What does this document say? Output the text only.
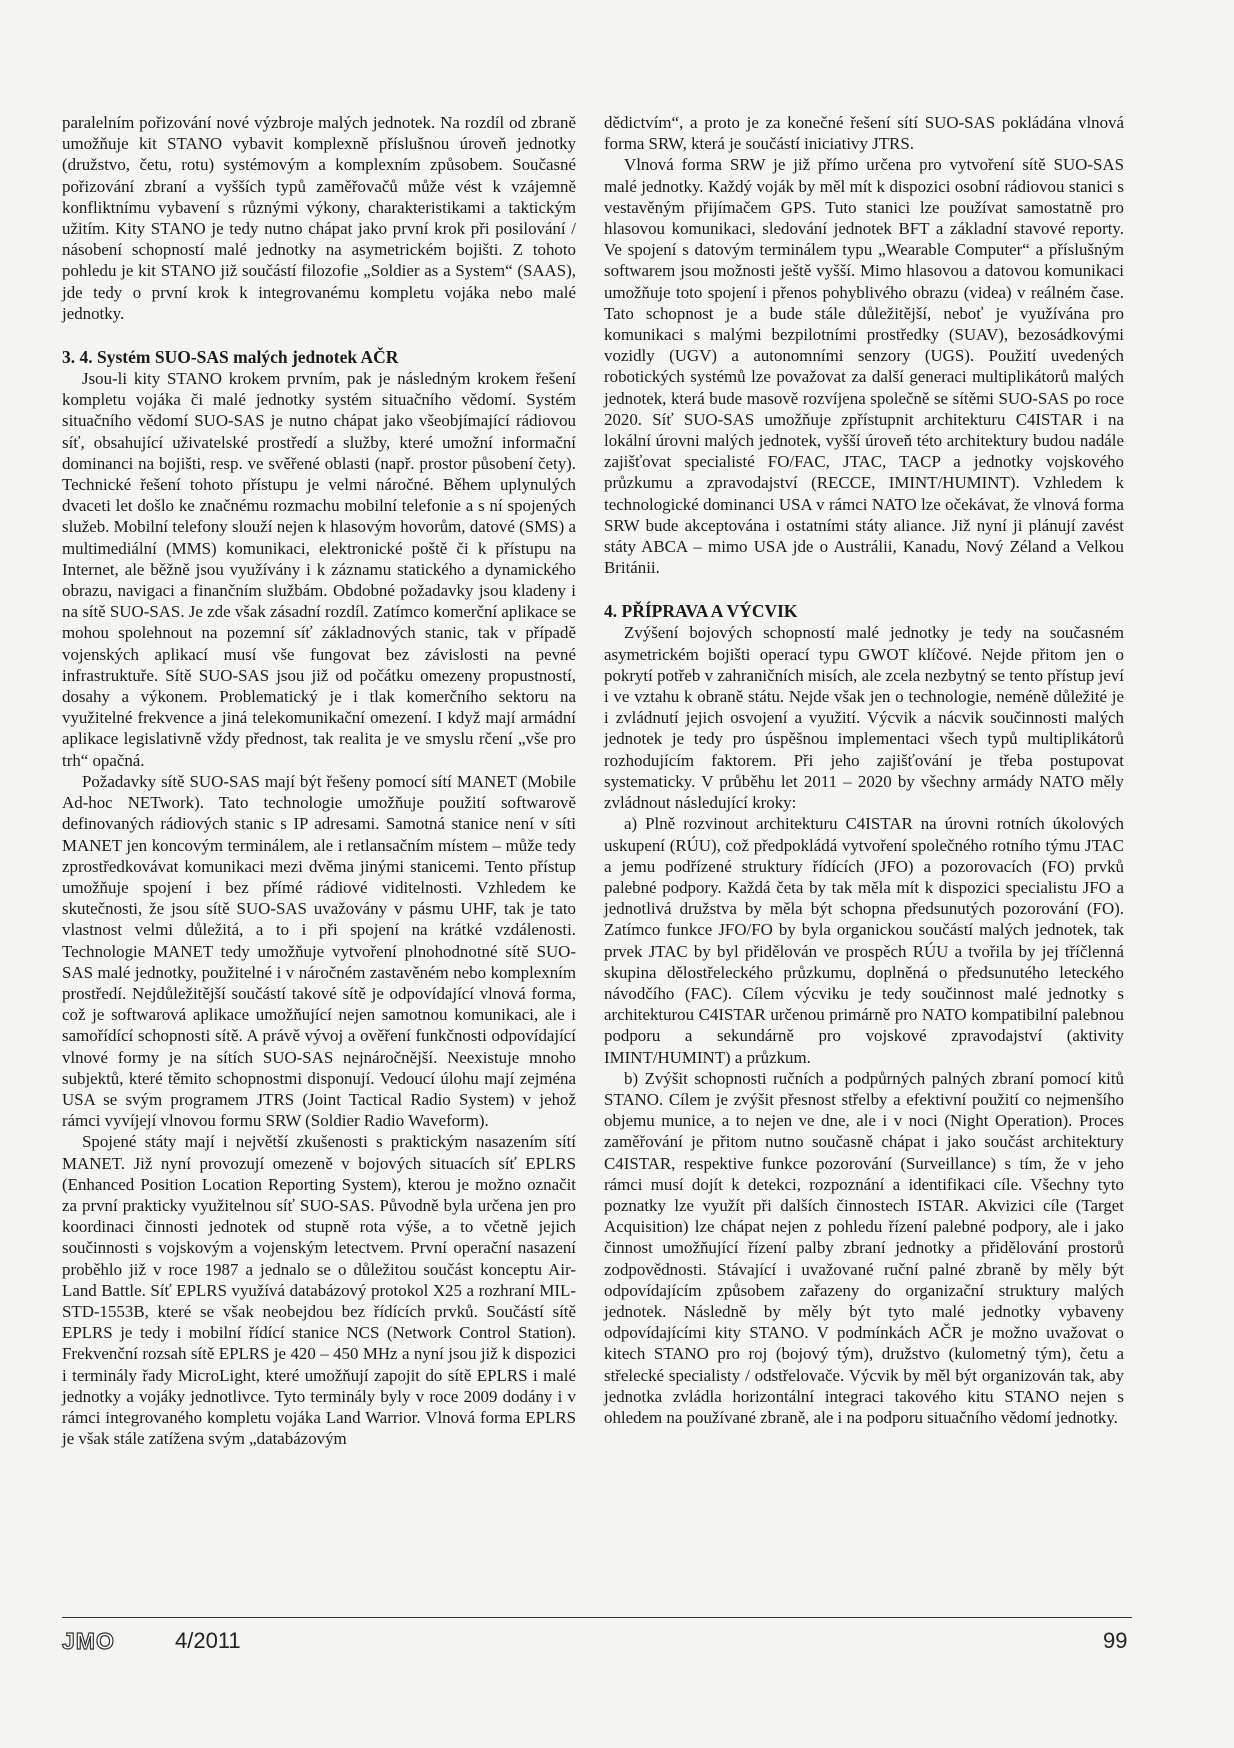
paralelním pořizování nové výzbroje malých jednotek. Na rozdíl od zbraně umožňuje kit STANO vybavit komplexně příslušnou úroveň jednotky (družstvo, četu, rotu) systémovým a komplexním způsobem. Současné pořizování zbraní a vyšších typů zaměřovačů může vést k vzájemně konfliktnímu vybavení s různými výkony, charakteristikami a taktickým užitím. Kity STANO je tedy nutno chápat jako první krok při posilování / násobení schopností malé jednotky na asymetrickém bojišti. Z tohoto pohledu je kit STANO již součástí filozofie „Soldier as a System“ (SAAS), jde tedy o první krok k integrovanému kompletu vojáka nebo malé jednotky.

3. 4. Systém SUO-SAS malých jednotek AČR

Jsou-li kity STANO krokem prvním, pak je následným krokem řešení kompletu vojáka či malé jednotky systém situačního vědomí. Systém situačního vědomí SUO-SAS je nutno chápat jako všeobjímající rádiovou síť, obsahující uživatelské prostředí a služby, které umožní informační dominanci na bojišti, resp. ve svěřené oblasti (např. prostor působení čety). Technické řešení tohoto přístupu je velmi náročné. Během uplynulých dvaceti let došlo ke značnému rozmachu mobilní telefonie a s ní spojených služeb. Mobilní telefony slouží nejen k hlasovým hovorům, datové (SMS) a multimediální (MMS) komunikaci, elektronické poště či k přístupu na Internet, ale běžně jsou využívány i k záznamu statického a dynamického obrazu, navigaci a finančním službám. Obdobné požadavky jsou kladeny i na sítě SUO-SAS. Je zde však zásadní rozdíl. Zatímco komerční aplikace se mohou spolehnout na pozemní síť základnových stanic, tak v případě vojenských aplikací musí vše fungovat bez závislosti na pevné infrastruktuře. Sítě SUO-SAS jsou již od počátku omezeny propustností, dosahy a výkonem. Problematický je i tlak komerčního sektoru na využitelné frekvence a jiná telekomunikační omezení. I když mají armádní aplikace legislativně vždy přednost, tak realita je ve smyslu rčení „vše pro trh“ opačná.

Požadavky sítě SUO-SAS mají být řešeny pomocí sítí MANET (Mobile Ad-hoc NETwork). Tato technologie umožňuje použití softwarově definovaných rádiových stanic s IP adresami. Samotná stanice není v síti MANET jen koncovým terminálem, ale i retlansačním místem – může tedy zprostředkovávat komunikaci mezi dvěma jinými stanicemi. Tento přístup umožňuje spojení i bez přímé rádiové viditelnosti. Vzhledem ke skutečnosti, že jsou sítě SUO-SAS uvažovány v pásmu UHF, tak je tato vlastnost velmi důležitá, a to i při spojení na krátké vzdálenosti. Technologie MANET tedy umožňuje vytvoření plnohodnotné sítě SUO-SAS malé jednotky, použitelné i v náročném zastavěném nebo komplexním prostředí. Nejdůležitější součástí takové sítě je odpovídající vlnová forma, což je softwarová aplikace umožňující nejen samotnou komunikaci, ale i samořídící schopnosti sítě. A právě vývoj a ověření funkčnosti odpovídající vlnové formy je na sítích SUO-SAS nejnáročnější. Neexistuje mnoho subjektů, které těmito schopnostmi disponují. Vedoucí úlohu mají zejména USA se svým programem JTRS (Joint Tactical Radio System) v jehož rámci vyvíjejí vlnovou formu SRW (Soldier Radio Waveform).

Spojené státy mají i největší zkušenosti s praktickým nasazením sítí MANET. Již nyní provozují omezeně v bojových situacích síť EPLRS (Enhanced Position Location Reporting System), kterou je možno označit za první prakticky využitelnou síť SUO-SAS. Původně byla určena jen pro koordinaci činnosti jednotek od stupně rota výše, a to včetně jejich součinnosti s vojskovým a vojenským letectvem. První operační nasazení proběhlo již v roce 1987 a jednalo se o důležitou součást konceptu Air-Land Battle. Síť EPLRS využívá databázový protokol X25 a rozhraní MIL-STD-1553B, které se však neobejdou bez řídících prvků. Součástí sítě EPLRS je tedy i mobilní řídící stanice NCS (Network Control Station). Frekvenční rozsah sítě EPLRS je 420 – 450 MHz a nyní jsou již k dispozici i terminály řady MicroLight, které umožňují zapojit do sítě EPLRS i malé jednotky a vojáky jednotlivce. Tyto terminály byly v roce 2009 dodány i v rámci integrovaného kompletu vojáka Land Warrior. Vlnová forma EPLRS je však stále zatížena svým „databázovým

dědictvím“, a proto je za konečné řešení sítí SUO-SAS pokládána vlnová forma SRW, která je součástí iniciativy JTRS.

Vlnová forma SRW je již přímo určena pro vytvoření sítě SUO-SAS malé jednotky. Každý voják by měl mít k dispozici osobní rádiovou stanici s vestavěným přijímačem GPS. Tuto stanici lze používat samostatně pro hlasovou komunikaci, sledování jednotek BFT a základní stavové reporty. Ve spojení s datovým terminálem typu „Wearable Computer“ a příslušným softwarem jsou možnosti ještě vyšší. Mimo hlasovou a datovou komunikaci umožňuje toto spojení i přenos pohyblivého obrazu (videa) v reálném čase. Tato schopnost je a bude stále důležitější, neboť je využívána pro komunikaci s malými bezpilotními prostředky (SUAV), bezosádkovými vozidly (UGV) a autonomními senzory (UGS). Použití uvedených robotických systémů lze považovat za další generaci multiplikátorů malých jednotek, která bude masově rozvíjena společně se sítěmi SUO-SAS po roce 2020. Síť SUO-SAS umožňuje zpřístupnit architekturu C4ISTAR i na lokální úrovni malých jednotek, vyšší úroveň této architektury budou nadále zajišťovat specialisté FO/FAC, JTAC, TACP a jednotky vojskového průzkumu a zpravodajství (RECCE, IMINT/HUMINT). Vzhledem k technologické dominanci USA v rámci NATO lze očekávat, že vlnová forma SRW bude akceptována i ostatními státy aliance. Již nyní ji plánují zavést státy ABCA – mimo USA jde o Austrálii, Kanadu, Nový Zéland a Velkou Británii.

4. PŘÍPRAVA A VÝCVIK

Zvýšení bojových schopností malé jednotky je tedy na současném asymetrickém bojišti operací typu GWOT klíčové. Nejde přitom jen o pokrytí potřeb v zahraničních misích, ale zcela nezbytný se tento přístup jeví i ve vztahu k obraně státu. Nejde však jen o technologie, neméně důležité je i zvládnutí jejich osvojení a využití. Výcvik a nácvik součinnosti malých jednotek je tedy pro úspěšnou implementaci všech typů multiplikátorů rozhodujícím faktorem. Při jeho zajišťování je třeba postupovat systematicky. V průběhu let 2011 – 2020 by všechny armády NATO měly zvládnout následující kroky:

a) Plně rozvinout architekturu C4ISTAR na úrovni rotních úkolových uskupení (RÚU), což předpokládá vytvoření společného rotního týmu JTAC a jemu podřízené struktury řídících (JFO) a pozorovacích (FO) prvků palebné podpory. Každá četa by tak měla mít k dispozici specialistu JFO a jednotlivá družstva by měla být schopna předsunutých pozorování (FO). Zatímco funkce JFO/FO by byla organickou součástí malých jednotek, tak prvek JTAC by byl přidělován ve prospěch RÚU a tvořila by jej tříčlenná skupina dělostřeleckého průzkumu, doplněná o předsunutého leteckého návodčího (FAC). Cílem výcviku je tedy součinnost malé jednotky s architekturou C4ISTAR určenou primárně pro NATO kompatibilní palebnou podporu a sekundárně pro vojskové zpravodajství (aktivity IMINT/HUMINT) a průzkum.

b) Zvýšit schopnosti ručních a podpůrných palných zbraní pomocí kitů STANO. Cílem je zvýšit přesnost střelby a efektivní použití co nejmenšího objemu munice, a to nejen ve dne, ale i v noci (Night Operation). Proces zaměřování je přitom nutno současně chápat i jako součást architektury C4ISTAR, respektive funkce pozorování (Surveillance) s tím, že v jeho rámci musí dojít k detekci, rozpoznání a identifikaci cíle. Všechny tyto poznatky lze využít při dalších činnostech ISTAR. Akvizici cíle (Target Acquisition) lze chápat nejen z pohledu řízení palebné podpory, ale i jako činnost umožňující řízení palby zbraní jednotky a přidělování prostorů zodpovědnosti. Stávající i uvažované ruční palné zbraně by měly být odpovídajícím způsobem zařazeny do organizační struktury malých jednotek. Následně by měly být tyto malé jednotky vybaveny odpovídajícími kity STANO. V podmínkách AČR je možno uvažovat o kitech STANO pro roj (bojový tým), družstvo (kulometný tým), četu a střelecké specialisty / odstřelovače. Výcvik by měl být organizován tak, aby jednotka zvládla horizontální integraci takového kitu STANO nejen s ohledem na používané zbraně, ale i na podporu situačního vědomí jednotky.

JMO	4/2011	99
